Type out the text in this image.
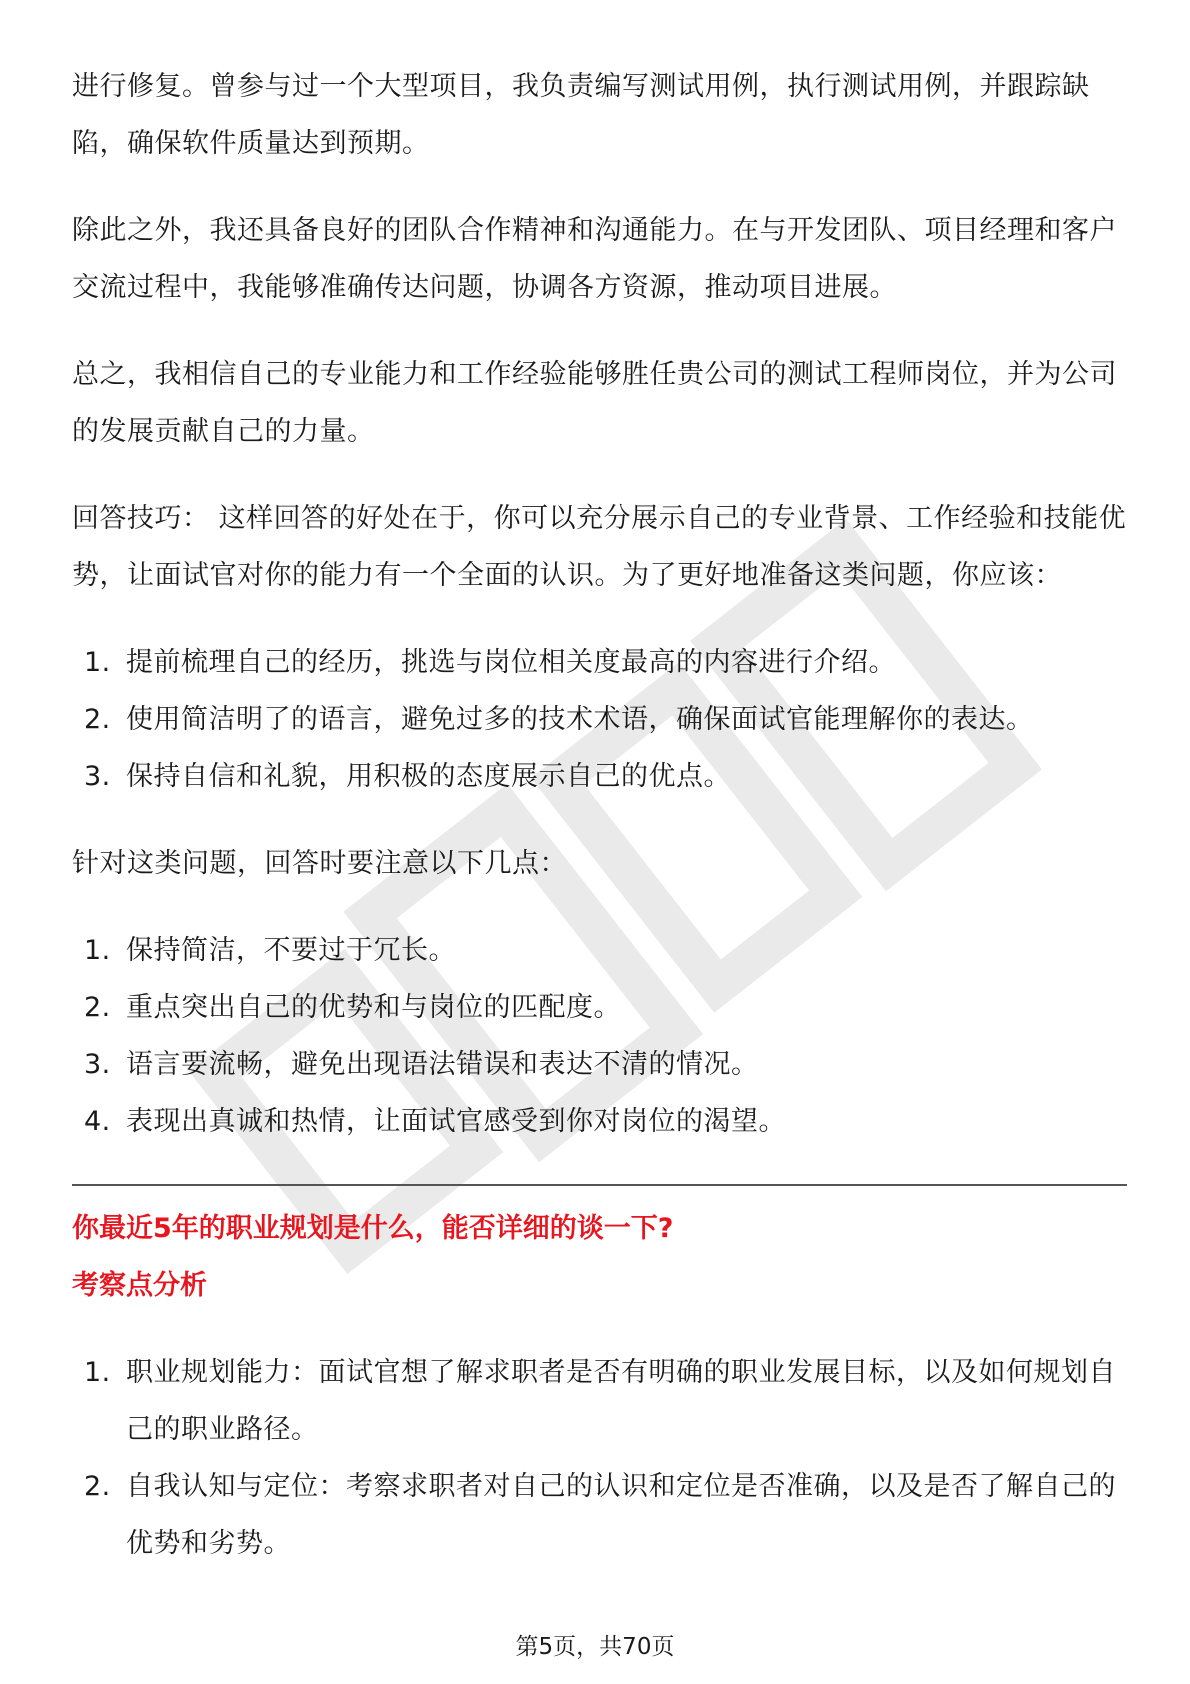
进行修复。曾参与过一个大型项目，我负责编写测试用例，执行测试用例，并跟踪缺陷，确保软件质量达到预期。

除此之外，我还具备良好的团队合作精神和沟通能力。在与开发团队、项目经理和客户交流过程中，我能够准确传达问题，协调各方资源，推动项目进展。

总之，我相信自己的专业能力和工作经验能够胜任贵公司的测试工程师岗位，并为公司的发展贡献自己的力量。

回答技巧： 这样回答的好处在于，你可以充分展示自己的专业背景、工作经验和技能优势，让面试官对你的能力有一个全面的认识。为了更好地准备这类问题，你应该：

1. 提前梳理自己的经历，挑选与岗位相关度最高的内容进行介绍。
2. 使用简洁明了的语言，避免过多的技术术语，确保面试官能理解你的表达。
3. 保持自信和礼貌，用积极的态度展示自己的优点。

针对这类问题，回答时要注意以下几点：

1. 保持简洁，不要过于冗长。
2. 重点突出自己的优势和与岗位的匹配度。
3. 语言要流畅，避免出现语法错误和表达不清的情况。
4. 表现出真诚和热情，让面试官感受到你对岗位的渴望。
你最近5年的职业规划是什么，能否详细的谈一下?
考察点分析
1. 职业规划能力：面试官想了解求职者是否有明确的职业发展目标，以及如何规划自己的职业路径。
2. 自我认知与定位：考察求职者对自己的认识和定位是否准确，以及是否了解自己的优势和劣势。
第5页，共70页
